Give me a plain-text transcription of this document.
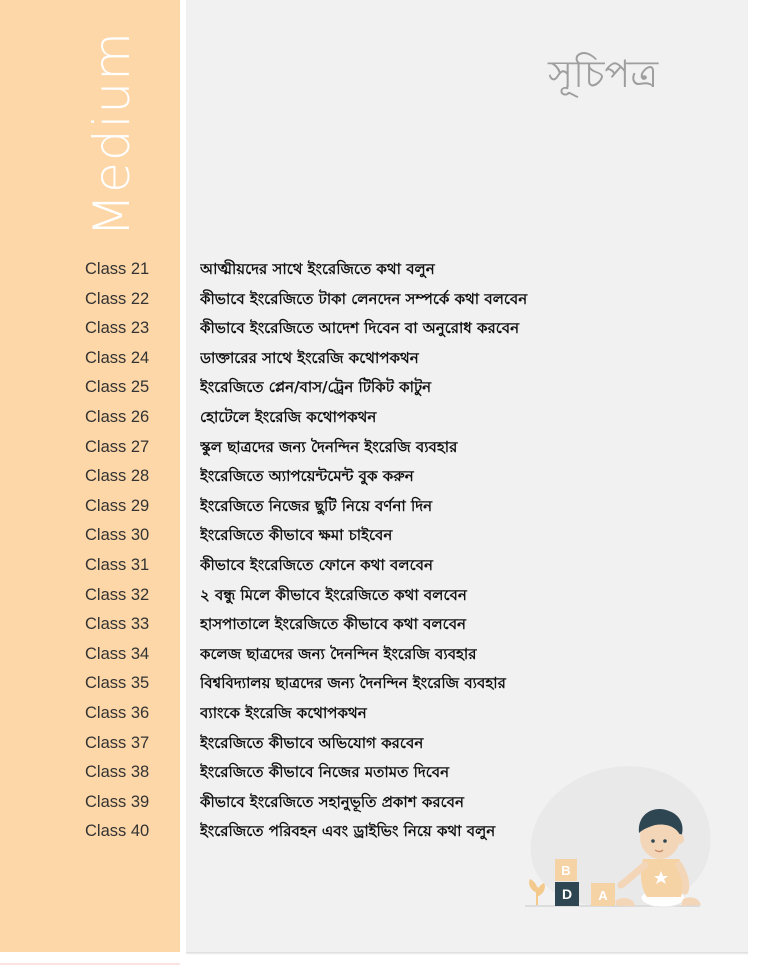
Medium	সূচিপত্র
Class 21	আত্মীয়দের সাথে ইংরেজিতে কথা বলুন
Class 22	কীভাবে ইংরেজিতে টাকা লেনদেন সম্পর্কে কথা বলবেন
Class 23	কীভাবে ইংরেজিতে আদেশ দিবেন বা অনুরোধ করবেন
Class 24	ডাক্তারের সাথে ইংরেজি কথোপকথন
Class 25	ইংরেজিতে প্লেন/বাস/ট্রেন টিকিট কাটুন
Class 26	হোটেলে ইংরেজি কথোপকথন
Class 27	স্কুল ছাত্রদের জন্য দৈনন্দিন ইংরেজি ব্যবহার
Class 28	ইংরেজিতে অ্যাপয়েন্টমেন্ট বুক করুন
Class 29	ইংরেজিতে নিজের ছুটি নিয়ে বর্ণনা দিন
Class 30	ইংরেজিতে কীভাবে ক্ষমা চাইবেন
Class 31	কীভাবে ইংরেজিতে ফোনে কথা বলবেন
Class 32	২ বন্ধু মিলে কীভাবে ইংরেজিতে কথা বলবেন
Class 33	হাসপাতালে ইংরেজিতে কীভাবে কথা বলবেন
Class 34	কলেজ ছাত্রদের জন্য দৈনন্দিন ইংরেজি ব্যবহার
Class 35	বিশ্ববিদ্যালয় ছাত্রদের জন্য দৈনন্দিন ইংরেজি ব্যবহার
Class 36	ব্যাংকে ইংরেজি কথোপকথন
Class 37	ইংরেজিতে কীভাবে অভিযোগ করবেন
Class 38	ইংরেজিতে কীভাবে নিজের মতামত দিবেন
Class 39	কীভাবে ইংরেজিতে সহানুভূতি প্রকাশ করবেন
Class 40	ইংরেজিতে পরিবহন এবং ড্রাইভিং নিয়ে কথা বলুন
B
D A
